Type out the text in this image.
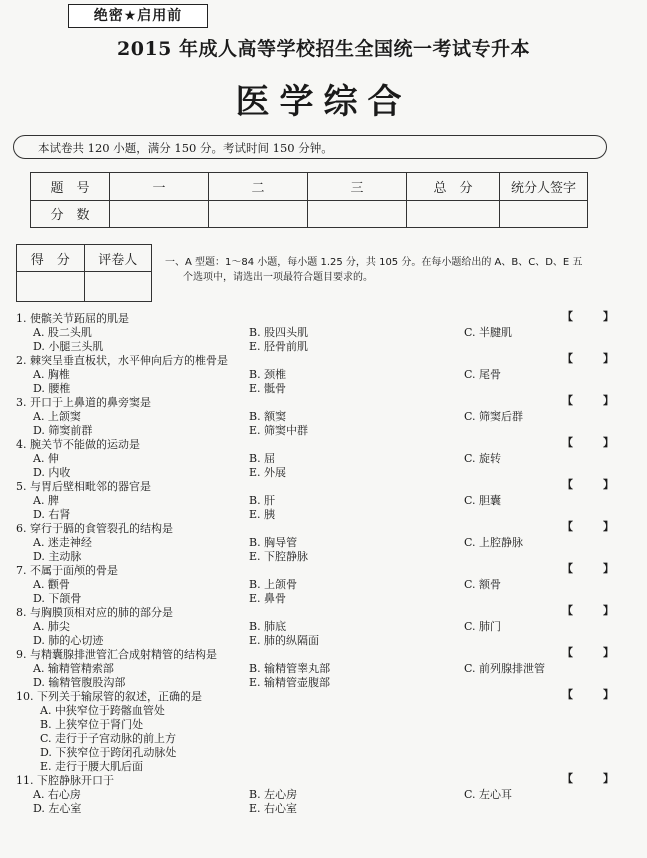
绝密★启用前
2015 年成人高等学校招生全国统一考试专升本
医学综合
本试卷共 120 小题，满分 150 分。考试时间 150 分钟。
题　号	一	二	三	总　分	统分人签字
分　数					
得　分	评卷人
		一、A 型题：1～84 小题，每小题 1.25 分，共 105 分。在每小题给出的 A、B、C、D、E 五
个选项中，请选出一项最符合题目要求的。
1. 使髌关节跖屈的肌是	【	】
A. 股二头肌	B. 股四头肌	C. 半腱肌
D. 小腿三头肌	E. 胫骨前肌
2. 棘突呈垂直板状，水平伸向后方的椎骨是	【	】
A. 胸椎	B. 颈椎	C. 尾骨
D. 腰椎	E. 骶骨
3. 开口于上鼻道的鼻旁窦是	【	】
A. 上颌窦	B. 额窦	C. 筛窦后群
D. 筛窦前群	E. 筛窦中群
4. 腕关节不能做的运动是	【	】
A. 伸	B. 屈	C. 旋转
D. 内收	E. 外展
5. 与胃后壁相毗邻的器官是	【	】
A. 脾	B. 肝	C. 胆囊
D. 右肾	E. 胰
6. 穿行于膈的食管裂孔的结构是	【	】
A. 迷走神经	B. 胸导管	C. 上腔静脉
D. 主动脉	E. 下腔静脉
7. 不属于面颅的骨是	【	】
A. 颧骨	B. 上颌骨	C. 额骨
D. 下颌骨	E. 鼻骨
8. 与胸膜顶相对应的肺的部分是	【	】
A. 肺尖	B. 肺底	C. 肺门
D. 肺的心切迹	E. 肺的纵隔面
9. 与精囊腺排泄管汇合成射精管的结构是	【	】
A. 输精管精索部	B. 输精管睾丸部	C. 前列腺排泄管
D. 输精管腹股沟部	E. 输精管壶腹部
10. 下列关于输尿管的叙述，正确的是	【	】
A. 中狭窄位于跨髂血管处
B. 上狭窄位于肾门处
C. 走行于子宫动脉的前上方
D. 下狭窄位于跨闭孔动脉处
E. 走行于腰大肌后面
11. 下腔静脉开口于	【	】
A. 右心房	B. 左心房	C. 左心耳
D. 左心室	E. 右心室
